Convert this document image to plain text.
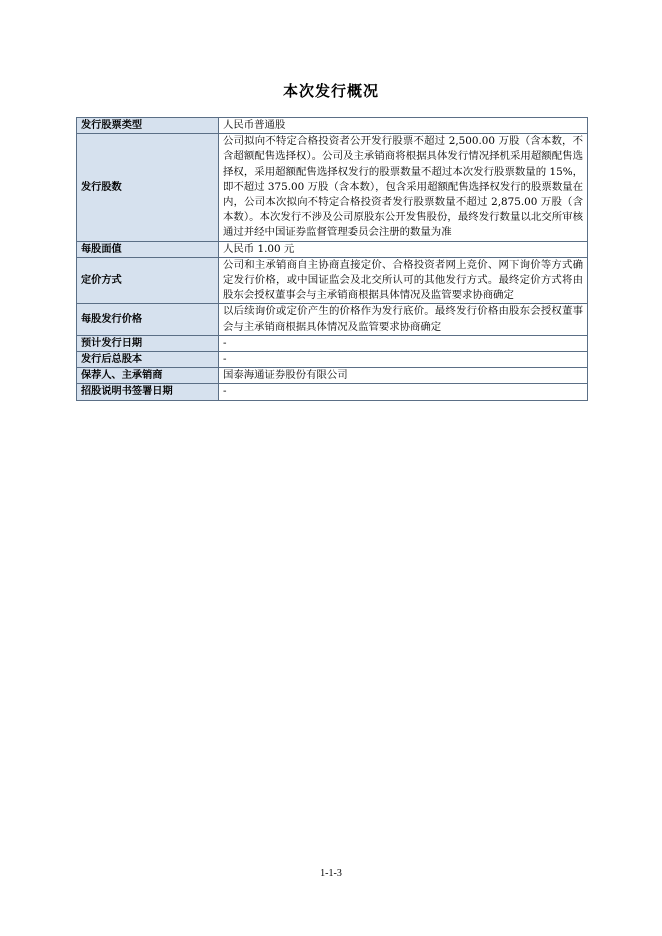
本次发行概况
发行股票类型	人民币普通股
发行股数	公司拟向不特定合格投资者公开发行股票不超过 2,500.00 万股（含本数，不含超额配售选择权）。公司及主承销商将根据具体发行情况择机采用超额配售选择权，采用超额配售选择权发行的股票数量不超过本次发行股票数量的 15%，即不超过 375.00 万股（含本数），包含采用超额配售选择权发行的股票数量在内，公司本次拟向不特定合格投资者发行股票数量不超过 2,875.00 万股（含本数）。本次发行不涉及公司原股东公开发售股份，最终发行数量以北交所审核通过并经中国证券监督管理委员会注册的数量为准
每股面值	人民币 1.00 元
定价方式	公司和主承销商自主协商直接定价、合格投资者网上竞价、网下询价等方式确定发行价格，或中国证监会及北交所认可的其他发行方式。最终定价方式将由股东会授权董事会与主承销商根据具体情况及监管要求协商确定
每股发行价格	以后续询价或定价产生的价格作为发行底价。最终发行价格由股东会授权董事会与主承销商根据具体情况及监管要求协商确定
预计发行日期	-
发行后总股本	-
保荐人、主承销商	国泰海通证券股份有限公司
招股说明书签署日期	-
1-1-3
